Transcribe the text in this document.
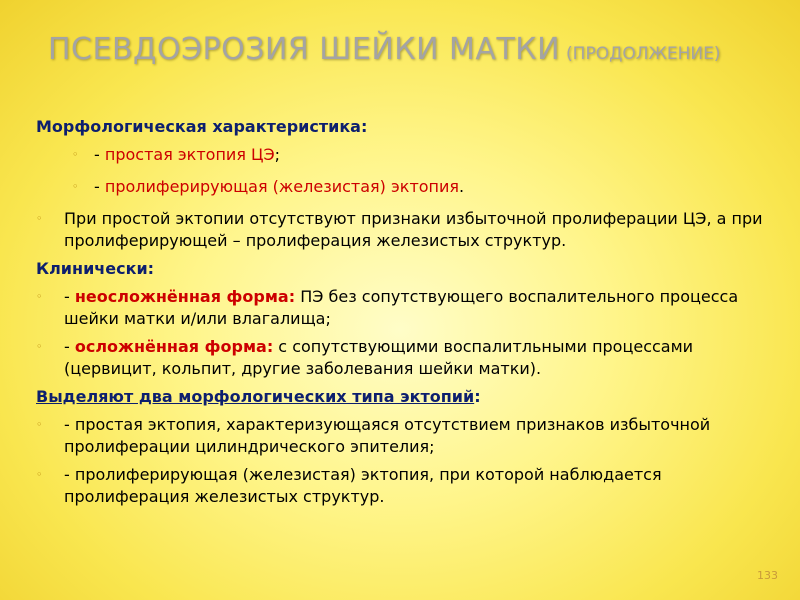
ПСЕВДОЭРОЗИЯ ШЕЙКИ МАТКИ (ПРОДОЛЖЕНИЕ)
Морфологическая характеристика:
◦ - простая эктопия ЦЭ;
◦ - пролиферирующая (железистая) эктопия.
◦ При простой эктопии отсутствуют признаки избыточной пролиферации ЦЭ, а при пролиферирующей – пролиферация железистых структур.
Клинически:
◦ - неосложнённая форма: ПЭ без сопутствующего воспалительного процесса шейки матки и/или влагалища;
◦ - осложнённая форма: с сопутствующими воспалитльными процессами (цервицит, кольпит, другие заболевания шейки матки).
Выделяют два морфологических типа эктопий:
◦ - простая эктопия, характеризующаяся отсутствием признаков избыточной пролиферации цилиндрического эпителия;
◦ - пролиферирующая (железистая) эктопия, при которой наблюдается пролиферация железистых структур.
133
